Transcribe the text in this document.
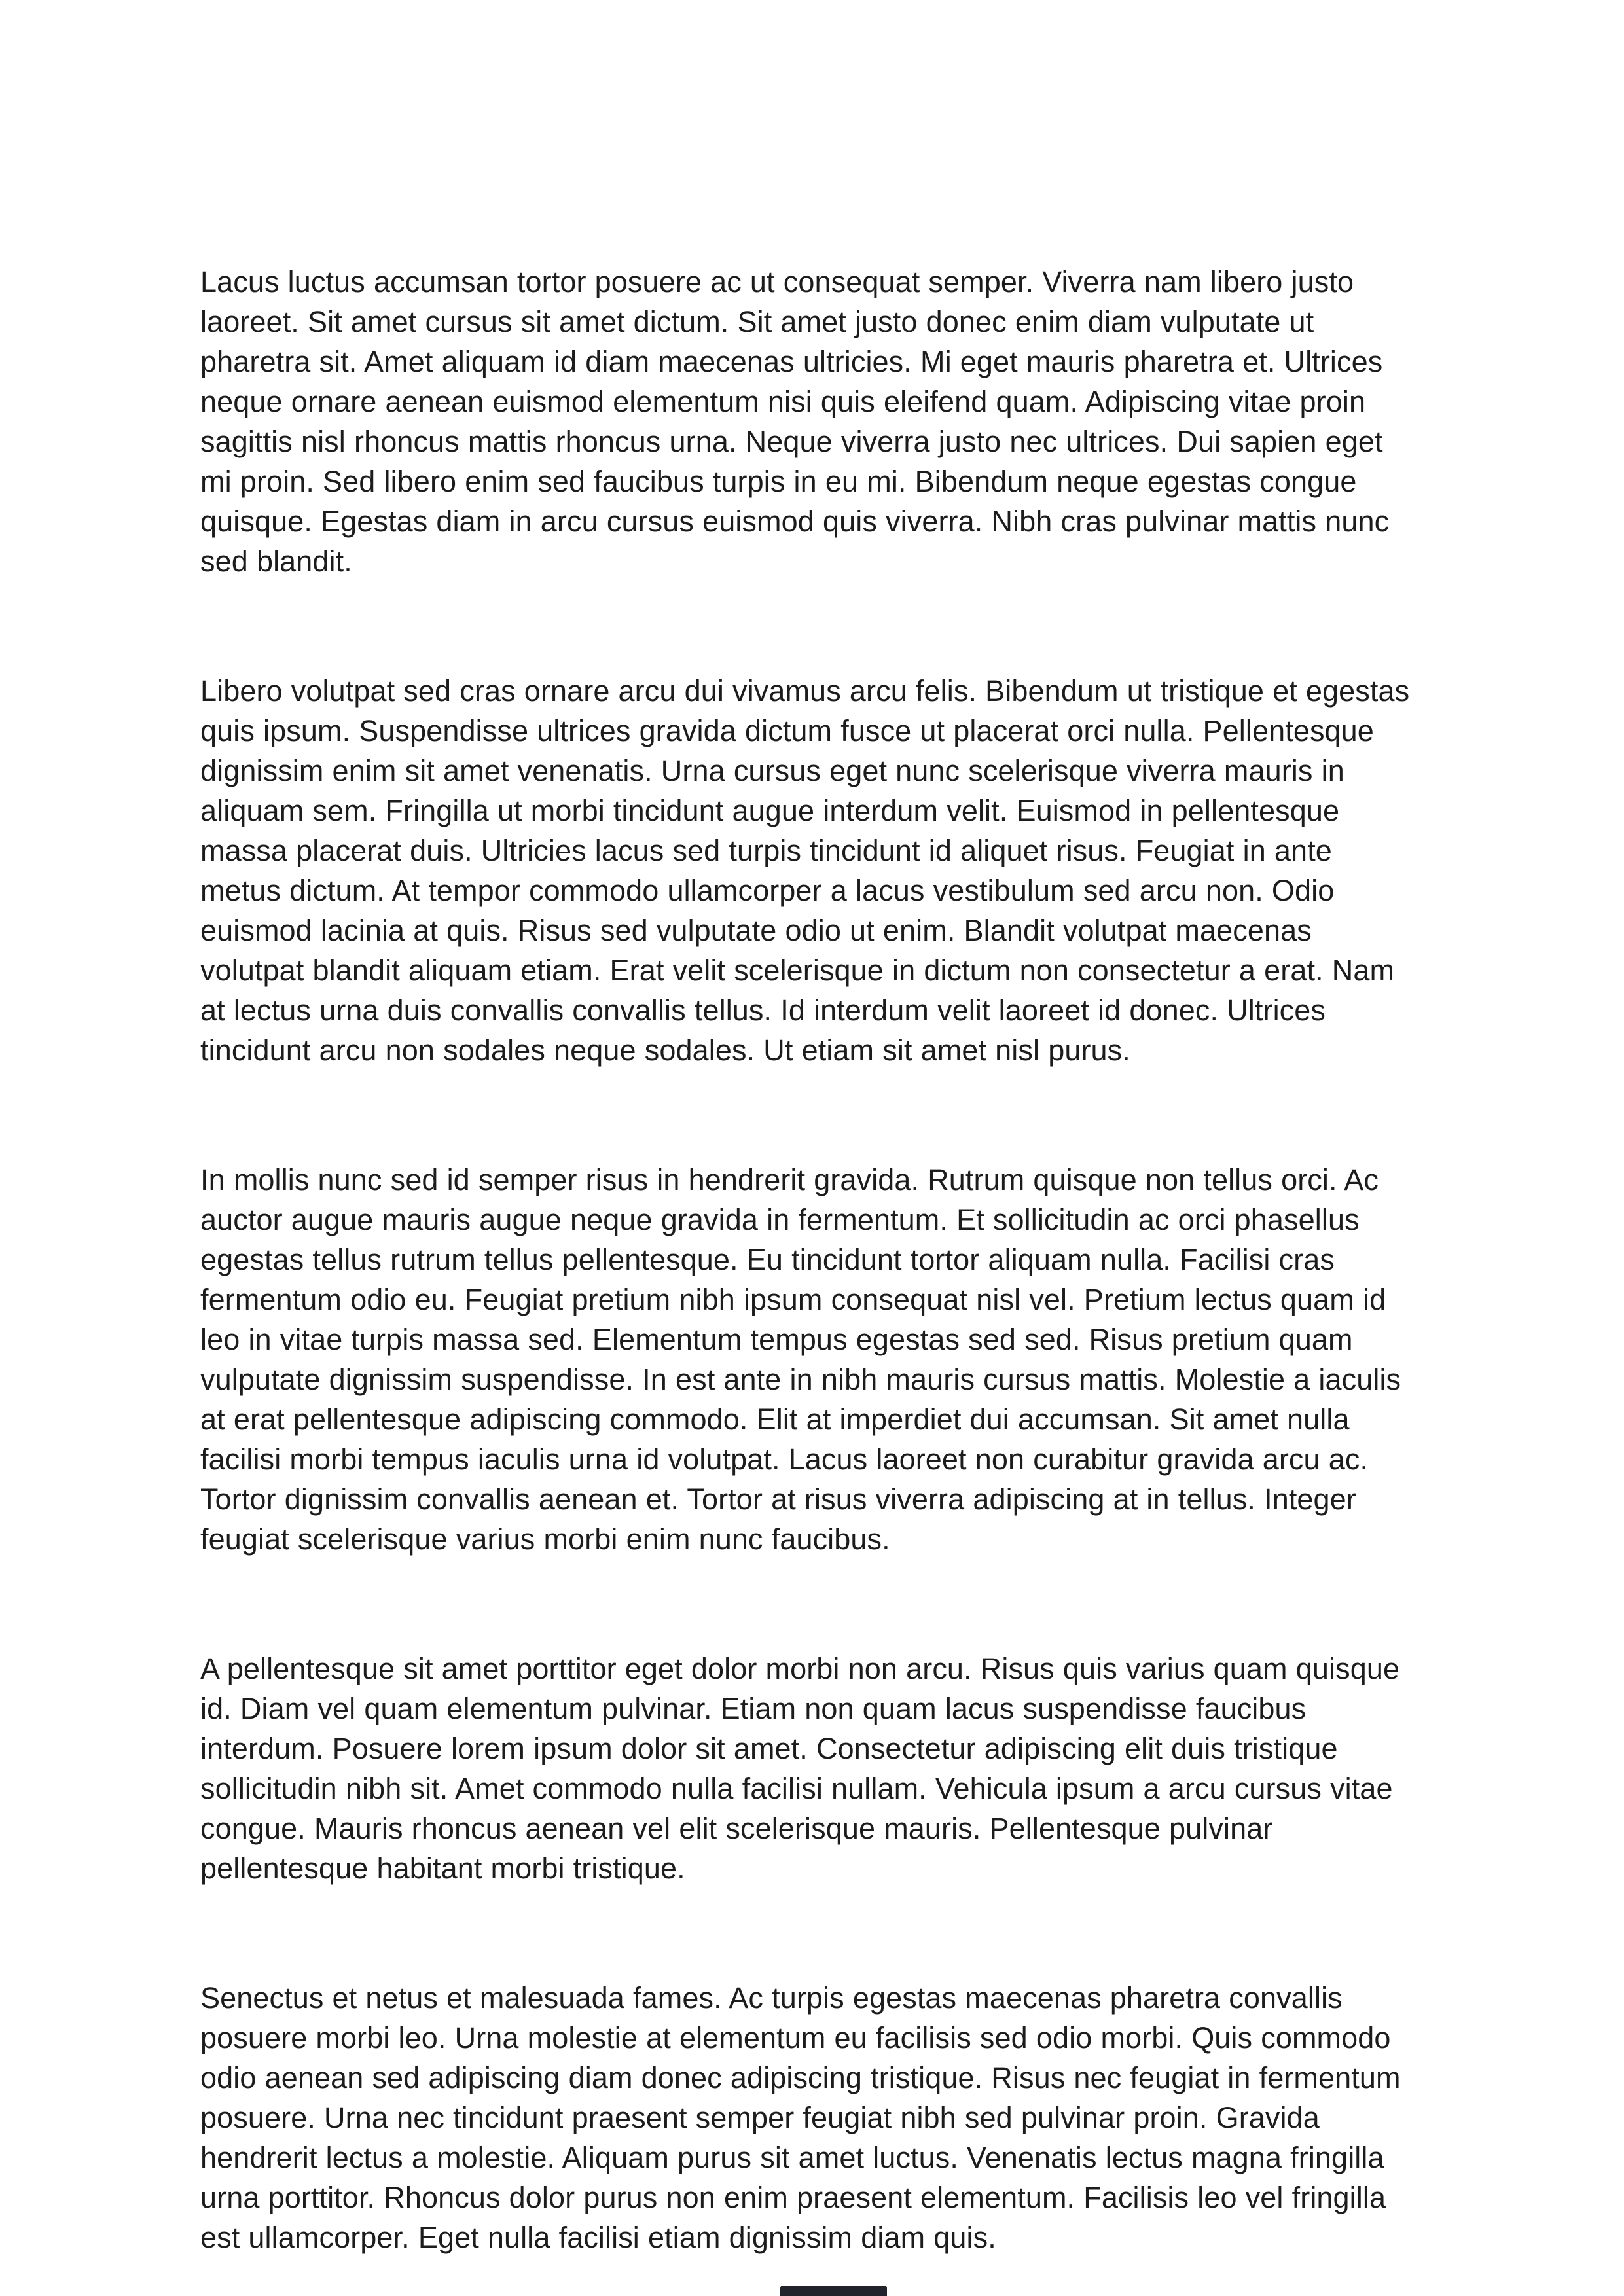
Lacus luctus accumsan tortor posuere ac ut consequat semper. Viverra nam libero justo laoreet. Sit amet cursus sit amet dictum. Sit amet justo donec enim diam vulputate ut pharetra sit. Amet aliquam id diam maecenas ultricies. Mi eget mauris pharetra et. Ultrices neque ornare aenean euismod elementum nisi quis eleifend quam. Adipiscing vitae proin sagittis nisl rhoncus mattis rhoncus urna. Neque viverra justo nec ultrices. Dui sapien eget mi proin. Sed libero enim sed faucibus turpis in eu mi. Bibendum neque egestas congue quisque. Egestas diam in arcu cursus euismod quis viverra. Nibh cras pulvinar mattis nunc sed blandit.

Libero volutpat sed cras ornare arcu dui vivamus arcu felis. Bibendum ut tristique et egestas quis ipsum. Suspendisse ultrices gravida dictum fusce ut placerat orci nulla. Pellentesque dignissim enim sit amet venenatis. Urna cursus eget nunc scelerisque viverra mauris in aliquam sem. Fringilla ut morbi tincidunt augue interdum velit. Euismod in pellentesque massa placerat duis. Ultricies lacus sed turpis tincidunt id aliquet risus. Feugiat in ante metus dictum. At tempor commodo ullamcorper a lacus vestibulum sed arcu non. Odio euismod lacinia at quis. Risus sed vulputate odio ut enim. Blandit volutpat maecenas volutpat blandit aliquam etiam. Erat velit scelerisque in dictum non consectetur a erat. Nam at lectus urna duis convallis convallis tellus. Id interdum velit laoreet id donec. Ultrices tincidunt arcu non sodales neque sodales. Ut etiam sit amet nisl purus.

In mollis nunc sed id semper risus in hendrerit gravida. Rutrum quisque non tellus orci. Ac auctor augue mauris augue neque gravida in fermentum. Et sollicitudin ac orci phasellus egestas tellus rutrum tellus pellentesque. Eu tincidunt tortor aliquam nulla. Facilisi cras fermentum odio eu. Feugiat pretium nibh ipsum consequat nisl vel. Pretium lectus quam id leo in vitae turpis massa sed. Elementum tempus egestas sed sed. Risus pretium quam vulputate dignissim suspendisse. In est ante in nibh mauris cursus mattis. Molestie a iaculis at erat pellentesque adipiscing commodo. Elit at imperdiet dui accumsan. Sit amet nulla facilisi morbi tempus iaculis urna id volutpat. Lacus laoreet non curabitur gravida arcu ac. Tortor dignissim convallis aenean et. Tortor at risus viverra adipiscing at in tellus. Integer feugiat scelerisque varius morbi enim nunc faucibus.

A pellentesque sit amet porttitor eget dolor morbi non arcu. Risus quis varius quam quisque id. Diam vel quam elementum pulvinar. Etiam non quam lacus suspendisse faucibus interdum. Posuere lorem ipsum dolor sit amet. Consectetur adipiscing elit duis tristique sollicitudin nibh sit. Amet commodo nulla facilisi nullam. Vehicula ipsum a arcu cursus vitae congue. Mauris rhoncus aenean vel elit scelerisque mauris. Pellentesque pulvinar pellentesque habitant morbi tristique.

Senectus et netus et malesuada fames. Ac turpis egestas maecenas pharetra convallis posuere morbi leo. Urna molestie at elementum eu facilisis sed odio morbi. Quis commodo odio aenean sed adipiscing diam donec adipiscing tristique. Risus nec feugiat in fermentum posuere. Urna nec tincidunt praesent semper feugiat nibh sed pulvinar proin. Gravida hendrerit lectus a molestie. Aliquam purus sit amet luctus. Venenatis lectus magna fringilla urna porttitor. Rhoncus dolor purus non enim praesent elementum. Facilisis leo vel fringilla est ullamcorper. Eget nulla facilisi etiam dignissim diam quis.
